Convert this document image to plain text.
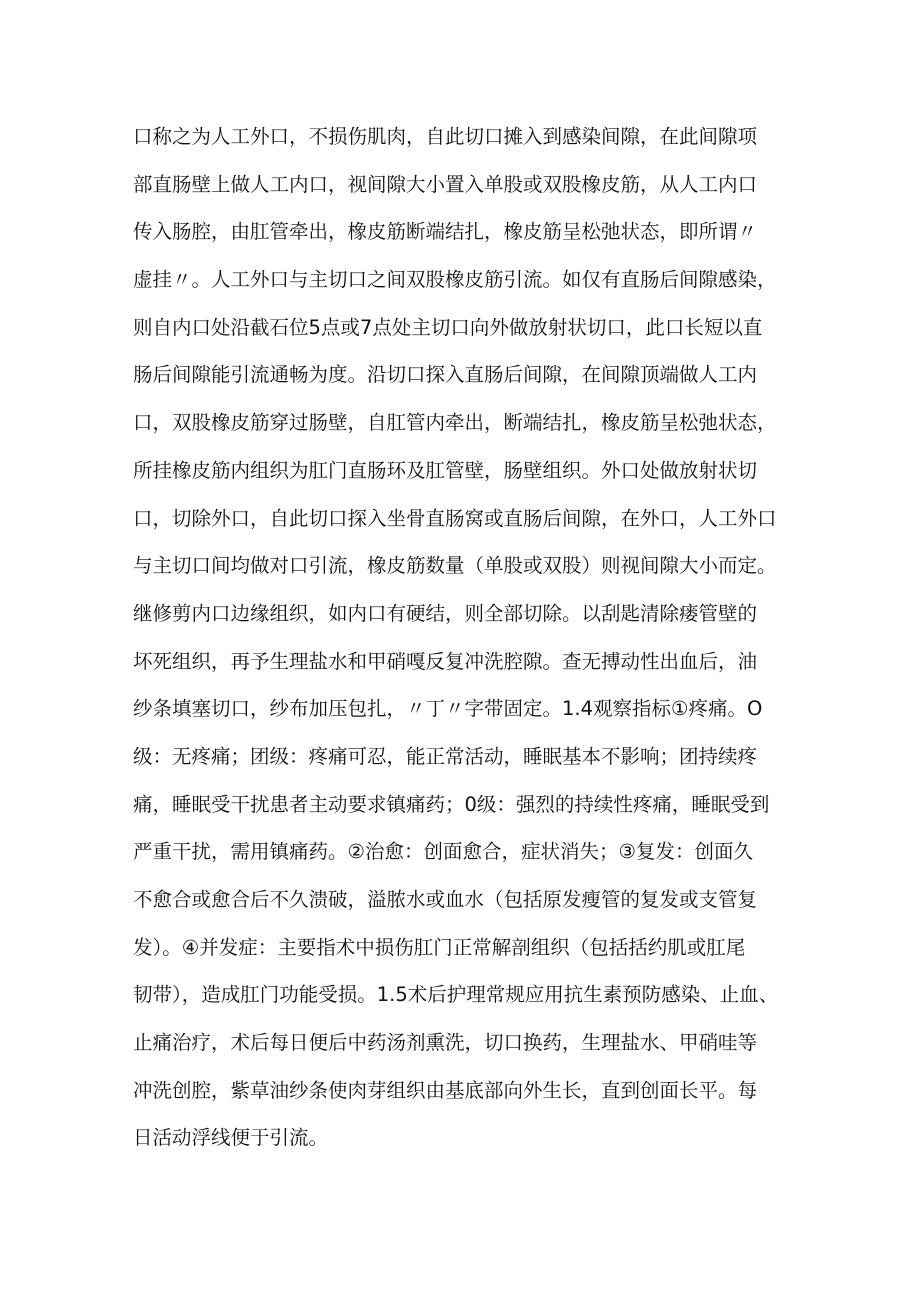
口称之为人工外口，不损伤肌肉，自此切口摊入到感染间隙，在此间隙项
部直肠壁上做人工内口，视间隙大小置入单股或双股橡皮筋，从人工内口
传入肠腔，由肛管牵出，橡皮筋断端结扎，橡皮筋呈松弛状态，即所谓〃
虚挂〃。人工外口与主切口之间双股橡皮筋引流。如仅有直肠后间隙感染，
则自内口处沿截石位5点或7点处主切口向外做放射状切口，此口长短以直
肠后间隙能引流通畅为度。沿切口探入直肠后间隙，在间隙顶端做人工内
口，双股橡皮筋穿过肠壁，自肛管内牵出，断端结扎，橡皮筋呈松弛状态，
所挂橡皮筋内组织为肛门直肠环及肛管壁，肠壁组织。外口处做放射状切
口，切除外口，自此切口探入坐骨直肠窝或直肠后间隙，在外口，人工外口
与主切口间均做对口引流，橡皮筋数量（单股或双股）则视间隙大小而定。
继修剪内口边缘组织，如内口有硬结，则全部切除。以刮匙清除瘘管壁的
坏死组织，再予生理盐水和甲硝嘎反复冲洗腔隙。查无搏动性出血后，油
纱条填塞切口，纱布加压包扎，〃丁〃字带固定。1.4观察指标①疼痛。O
级：无疼痛；团级：疼痛可忍，能正常活动，睡眠基本不影响；团持续疼
痛，睡眠受干扰患者主动要求镇痛药；0级：强烈的持续性疼痛，睡眠受到
严重干扰，需用镇痛药。②治愈：创面愈合，症状消失；③复发：创面久
不愈合或愈合后不久溃破，溢脓水或血水（包括原发瘦管的复发或支管复
发）。④并发症：主要指术中损伤肛门正常解剖组织（包括括约肌或肛尾
韧带），造成肛门功能受损。1.5术后护理常规应用抗生素预防感染、止血、
止痛治疗，术后每日便后中药汤剂熏洗，切口换药，生理盐水、甲硝哇等
冲洗创腔，紫草油纱条使肉芽组织由基底部向外生长，直到创面长平。每
日活动浮线便于引流。
